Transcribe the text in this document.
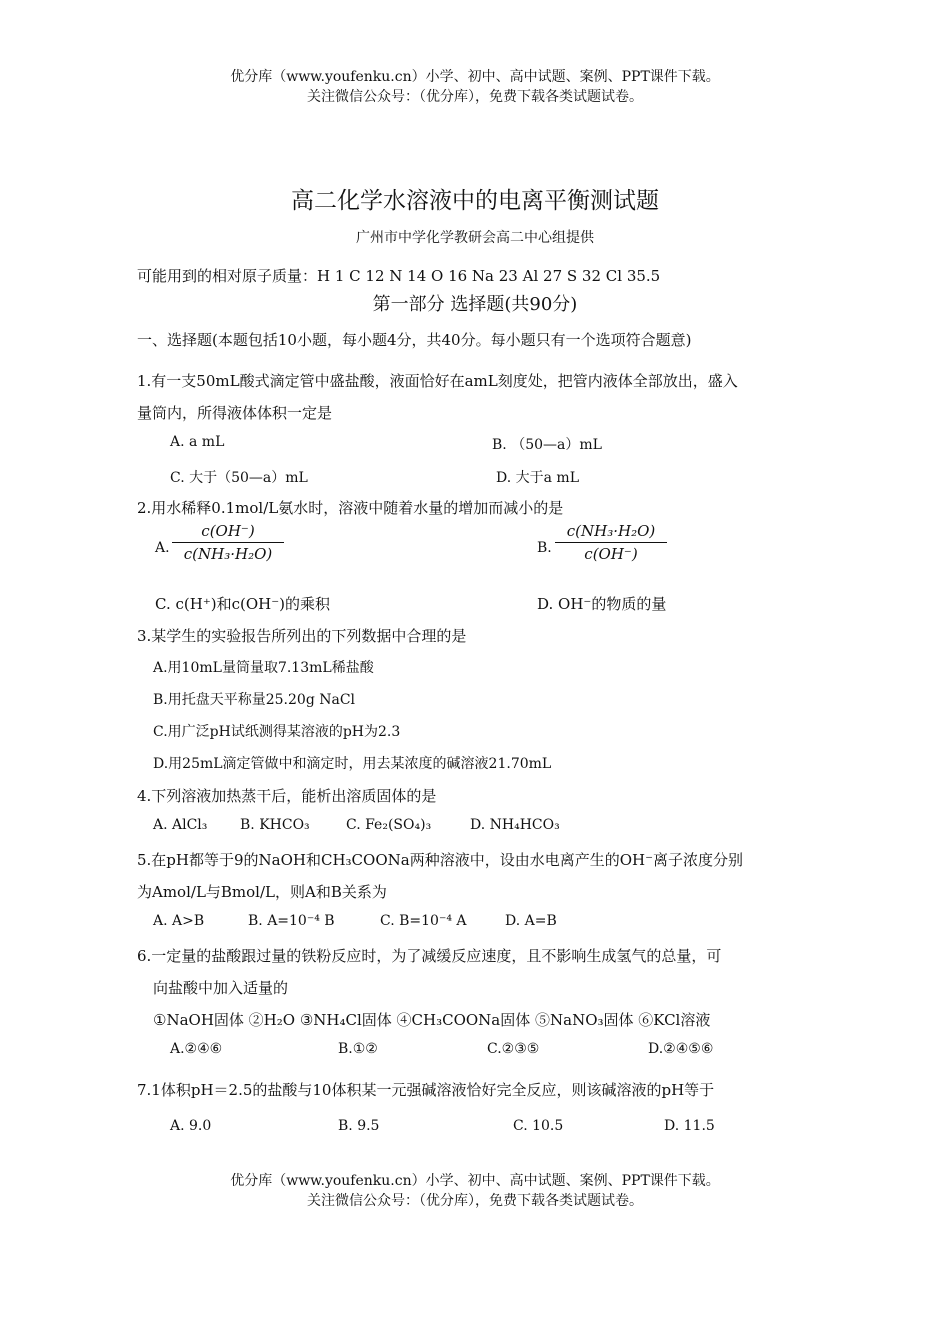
优分库（www.youfenku.cn）小学、初中、高中试题、案例、PPT课件下载。
关注微信公众号：（优分库），免费下载各类试题试卷。
高二化学水溶液中的电离平衡测试题
广州市中学化学教研会高二中心组提供
可能用到的相对原子质量：H 1 C 12 N 14 O 16 Na 23 Al 27 S 32 Cl 35.5
第一部分 选择题(共90分)
一、选择题(本题包括10小题，每小题4分，共40分。每小题只有一个选项符合题意)
1.有一支50mL酸式滴定管中盛盐酸，液面恰好在amL刻度处，把管内液体全部放出，盛入
量筒内，所得液体体积一定是
A. a mL	B. （50—a）mL
C. 大于（50—a）mL	D. 大于a mL
2.用水稀释0.1mol/L氨水时，溶液中随着水量的增加而减小的是
A.
c(OH⁻)
c(NH₃·H₂O)	B.
c(NH₃·H₂O)
c(OH⁻)
C. c(H⁺)和c(OH⁻)的乘积	D. OH⁻的物质的量
3.某学生的实验报告所列出的下列数据中合理的是
A.用10mL量筒量取7.13mL稀盐酸
B.用托盘天平称量25.20g NaCl
C.用广泛pH试纸测得某溶液的pH为2.3
D.用25mL滴定管做中和滴定时，用去某浓度的碱溶液21.70mL
4.下列溶液加热蒸干后，能析出溶质固体的是
A. AlCl₃ B. KHCO₃	C. Fe₂(SO₄)₃	D. NH₄HCO₃
5.在pH都等于9的NaOH和CH₃COONa两种溶液中，设由水电离产生的OH⁻离子浓度分别
为Amol/L与Bmol/L，则A和B关系为
A. A>B	B. A=10⁻⁴ B	C. B=10⁻⁴ A	D. A=B
6.一定量的盐酸跟过量的铁粉反应时，为了减缓反应速度，且不影响生成氢气的总量，可
向盐酸中加入适量的
①NaOH固体 ②H₂O ③NH₄Cl固体 ④CH₃COONa固体 ⑤NaNO₃固体 ⑥KCl溶液
A.②④⑥	B.①②	C.②③⑤	D.②④⑤⑥
7.1体积pH＝2.5的盐酸与10体积某一元强碱溶液恰好完全反应，则该碱溶液的pH等于
A. 9.0	B. 9.5	C. 10.5	D. 11.5
优分库（www.youfenku.cn）小学、初中、高中试题、案例、PPT课件下载。
关注微信公众号：（优分库），免费下载各类试题试卷。
